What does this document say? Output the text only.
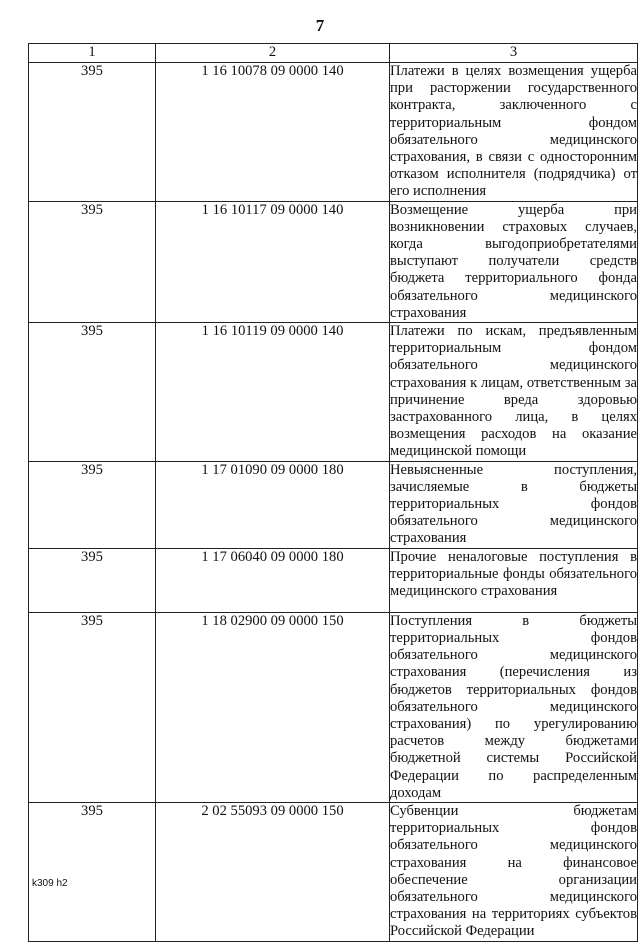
7
1	2	3
395	1 16 10078 09 0000 140	Платежи в целях возмещения ущерба при расторжении государственного контракта, заключенного с территориальным фондом обязательного медицинского страхования, в связи с односторонним отказом исполнителя (подрядчика) от его исполнения
395	1 16 10117 09 0000 140	Возмещение ущерба при возникновении страховых случаев, когда выгодоприобретателями выступают получатели средств бюджета территориального фонда обязательного медицинского страхования
395	1 16 10119 09 0000 140	Платежи по искам, предъявленным территориальным фондом обязательного медицинского страхования к лицам, ответственным за причинение вреда здоровью застрахованного лица, в целях возмещения расходов на оказание медицинской помощи
395	1 17 01090 09 0000 180	Невыясненные поступления, зачисляемые в бюджеты территориальных фондов обязательного медицинского страхования
395	1 17 06040 09 0000 180	Прочие неналоговые поступления в территориальные фонды обязательного медицинского страхования
395	1 18 02900 09 0000 150	Поступления в бюджеты территориальных фондов обязательного медицинского страхования (перечисления из бюджетов территориальных фондов обязательного медицинского страхования) по урегулированию расчетов между бюджетами бюджетной системы Российской Федерации по распределенным доходам
395	2 02 55093 09 0000 150	Субвенции бюджетам территориальных фондов обязательного медицинского страхования на финансовое обеспечение организации обязательного медицинского страхования на территориях субъектов Российской Федерации
k309 h2
